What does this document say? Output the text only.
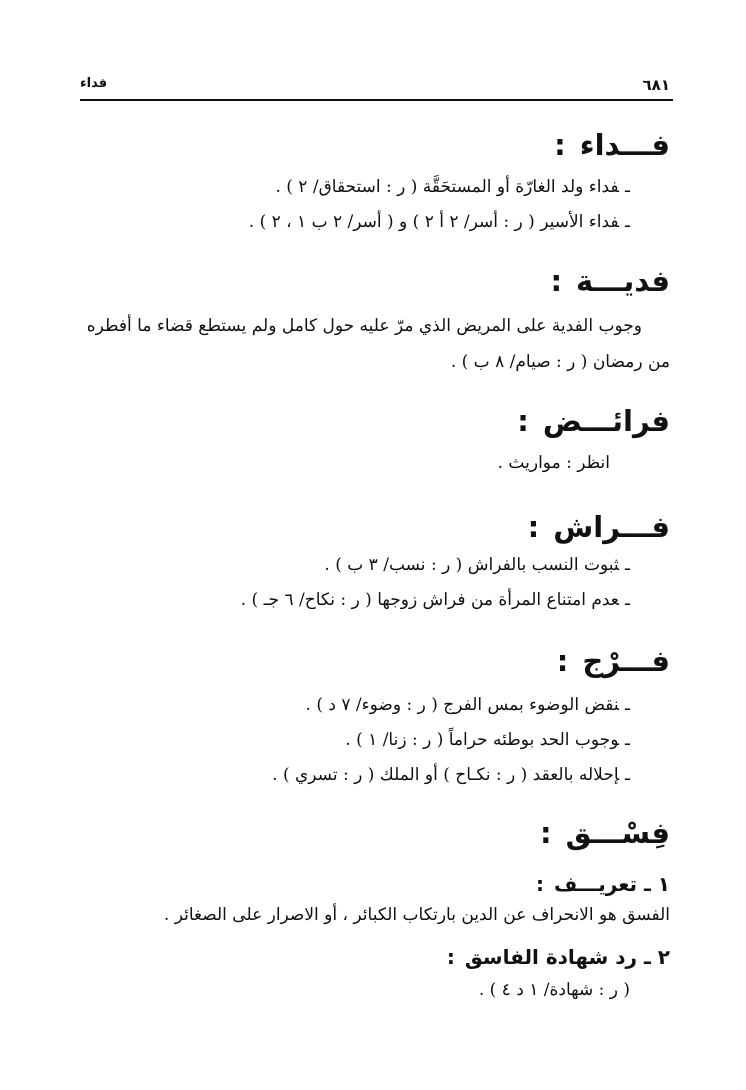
٦٨١
فداء
فـــداء
:
ـفداء ولد الغارّة أو المستحَقَّة ( ر : استحقاق/ ٢ ) .
ـفداء الأسير ( ر : أسر/ ٢ أ ٢ ) و ( أسر/ ٢ ب ١ ، ٢ ) .
فديـــة
:
وجوب الفدية على المريض الذي مرّ عليه حول كامل ولم يستطع قضاء ما أفطره
من رمضان ( ر : صيام/ ٨ ب ) .
فرائـــض
:
انظر : مواريث .
فـــراش
:
ـثبوت النسب بالفراش ( ر : نسب/ ٣ ب ) .
ـعدم امتناع المرأة من فراش زوجها ( ر : نكاح/ ٦ جـ ) .
فـــرْج
:
ـنقض الوضوء بمس الفرج ( ر : وضوء/ ٧ د ) .
ـوجوب الحد بوطئه حراماً ( ر : زنا/ ١ ) .
ـإحلاله بالعقد ( ر : نكـاح ) أو الملك ( ر : تسري ) .
فِسْـــق
:
١ ـ تعريـــف
:
الفسق هو الانحراف عن الدين بارتكاب الكبائر ، أو الاصرار على الصغائر .
٢ ـ رد شهادة الفاسق
:
( ر : شهادة/ ١ د ٤ ) .
